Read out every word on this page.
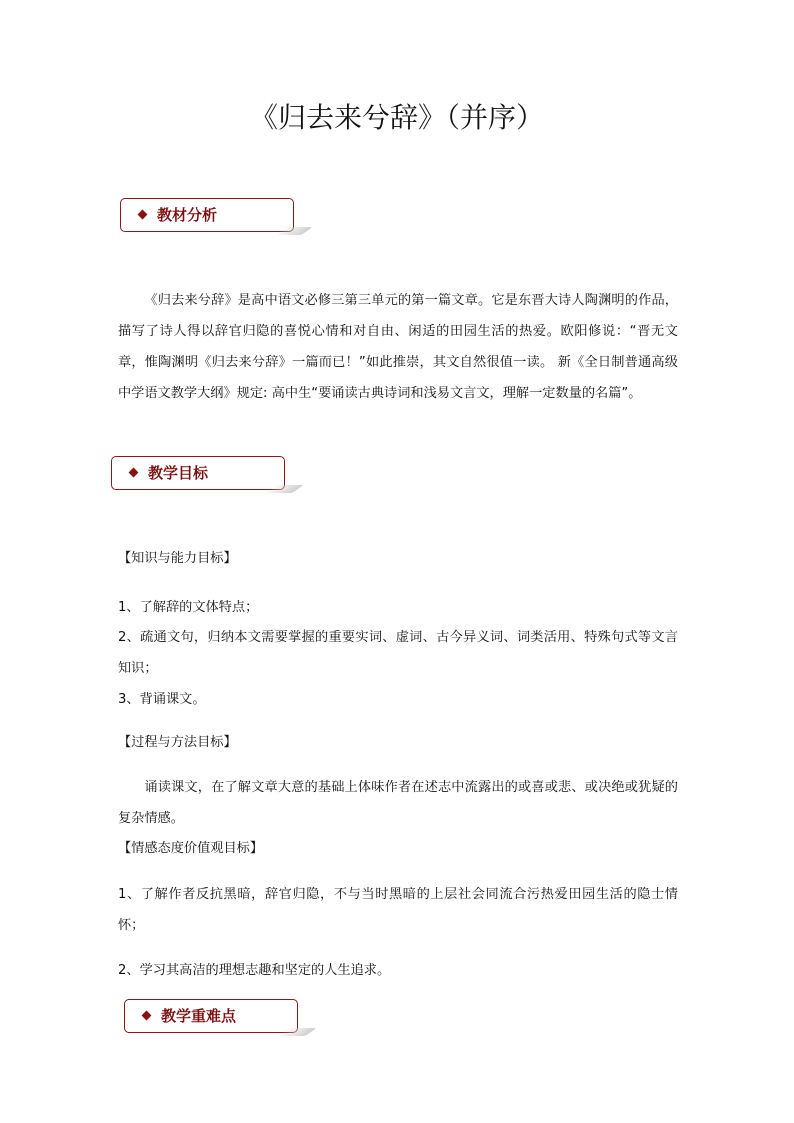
《归去来兮辞》（并序）
教材分析

《归去来兮辞》是高中语文必修三第三单元的第一篇文章。它是东晋大诗人陶渊明的作品，描写了诗人得以辞官归隐的喜悦心情和对自由、闲适的田园生活的热爱。欧阳修说：“晋无文章，惟陶渊明《归去来兮辞》一篇而已！”如此推崇，其文自然很值一读。 新《全日制普通高级中学语文教学大纲》规定: 高中生“要诵读古典诗词和浅易文言文，理解一定数量的名篇”。

教学目标

【知识与能力目标】

1、了解辞的文体特点；

2、疏通文句，归纳本文需要掌握的重要实词、虚词、古今异义词、词类活用、特殊句式等文言知识；

3、背诵课文。

【过程与方法目标】

诵读课文，在了解文章大意的基础上体味作者在述志中流露出的或喜或悲、或决绝或犹疑的复杂情感。

【情感态度价值观目标】

1、了解作者反抗黑暗，辞官归隐，不与当时黑暗的上层社会同流合污热爱田园生活的隐士情怀；

2、学习其高洁的理想志趣和坚定的人生追求。

教学重难点
